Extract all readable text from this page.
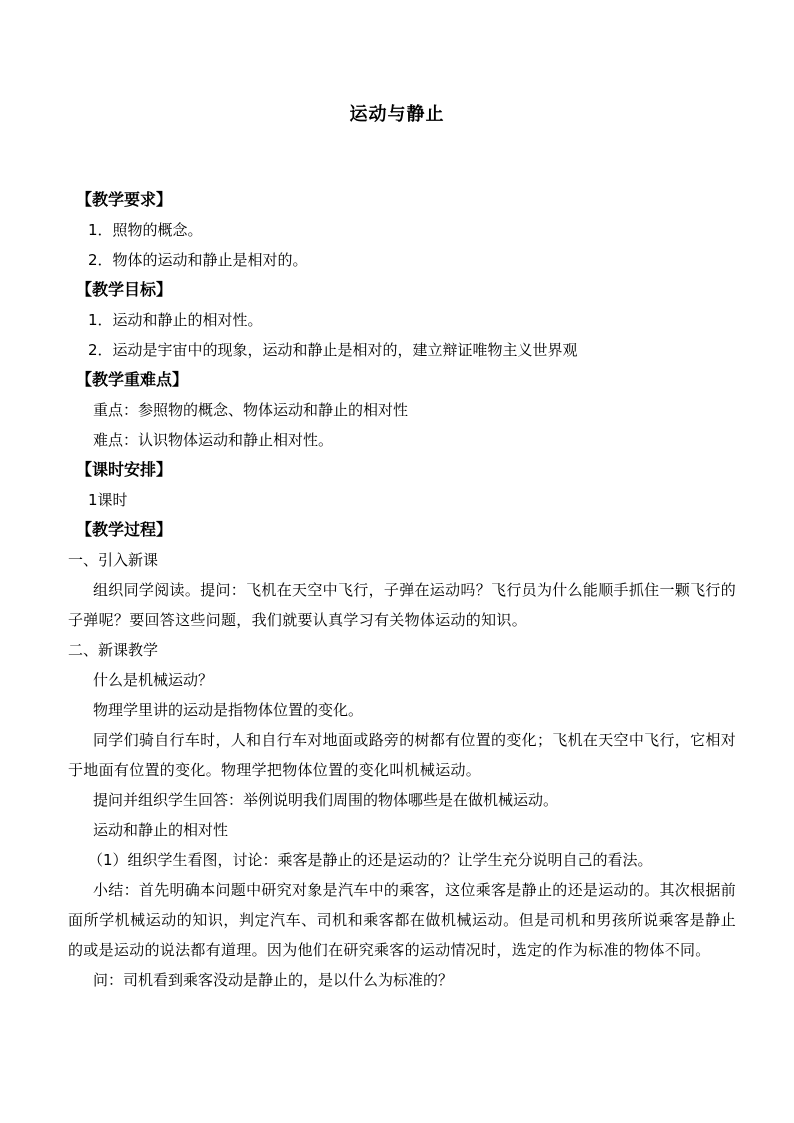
运动与静止
【教学要求】
1．照物的概念。
2．物体的运动和静止是相对的。
【教学目标】
1．运动和静止的相对性。
2．运动是宇宙中的现象，运动和静止是相对的，建立辩证唯物主义世界观
【教学重难点】
重点：参照物的概念、物体运动和静止的相对性
难点：认识物体运动和静止相对性。
【课时安排】
1课时
【教学过程】
一、引入新课
组织同学阅读。提问：飞机在天空中飞行，子弹在运动吗？飞行员为什么能顺手抓住一颗飞行的子弹呢？要回答这些问题，我们就要认真学习有关物体运动的知识。
二、新课教学
什么是机械运动？
物理学里讲的运动是指物体位置的变化。
同学们骑自行车时，人和自行车对地面或路旁的树都有位置的变化；飞机在天空中飞行，它相对于地面有位置的变化。物理学把物体位置的变化叫机械运动。
提问并组织学生回答：举例说明我们周围的物体哪些是在做机械运动。
运动和静止的相对性
（1）组织学生看图，讨论：乘客是静止的还是运动的？让学生充分说明自己的看法。
小结：首先明确本问题中研究对象是汽车中的乘客，这位乘客是静止的还是运动的。其次根据前面所学机械运动的知识，判定汽车、司机和乘客都在做机械运动。但是司机和男孩所说乘客是静止的或是运动的说法都有道理。因为他们在研究乘客的运动情况时，选定的作为标准的物体不同。
问：司机看到乘客没动是静止的，是以什么为标准的？
